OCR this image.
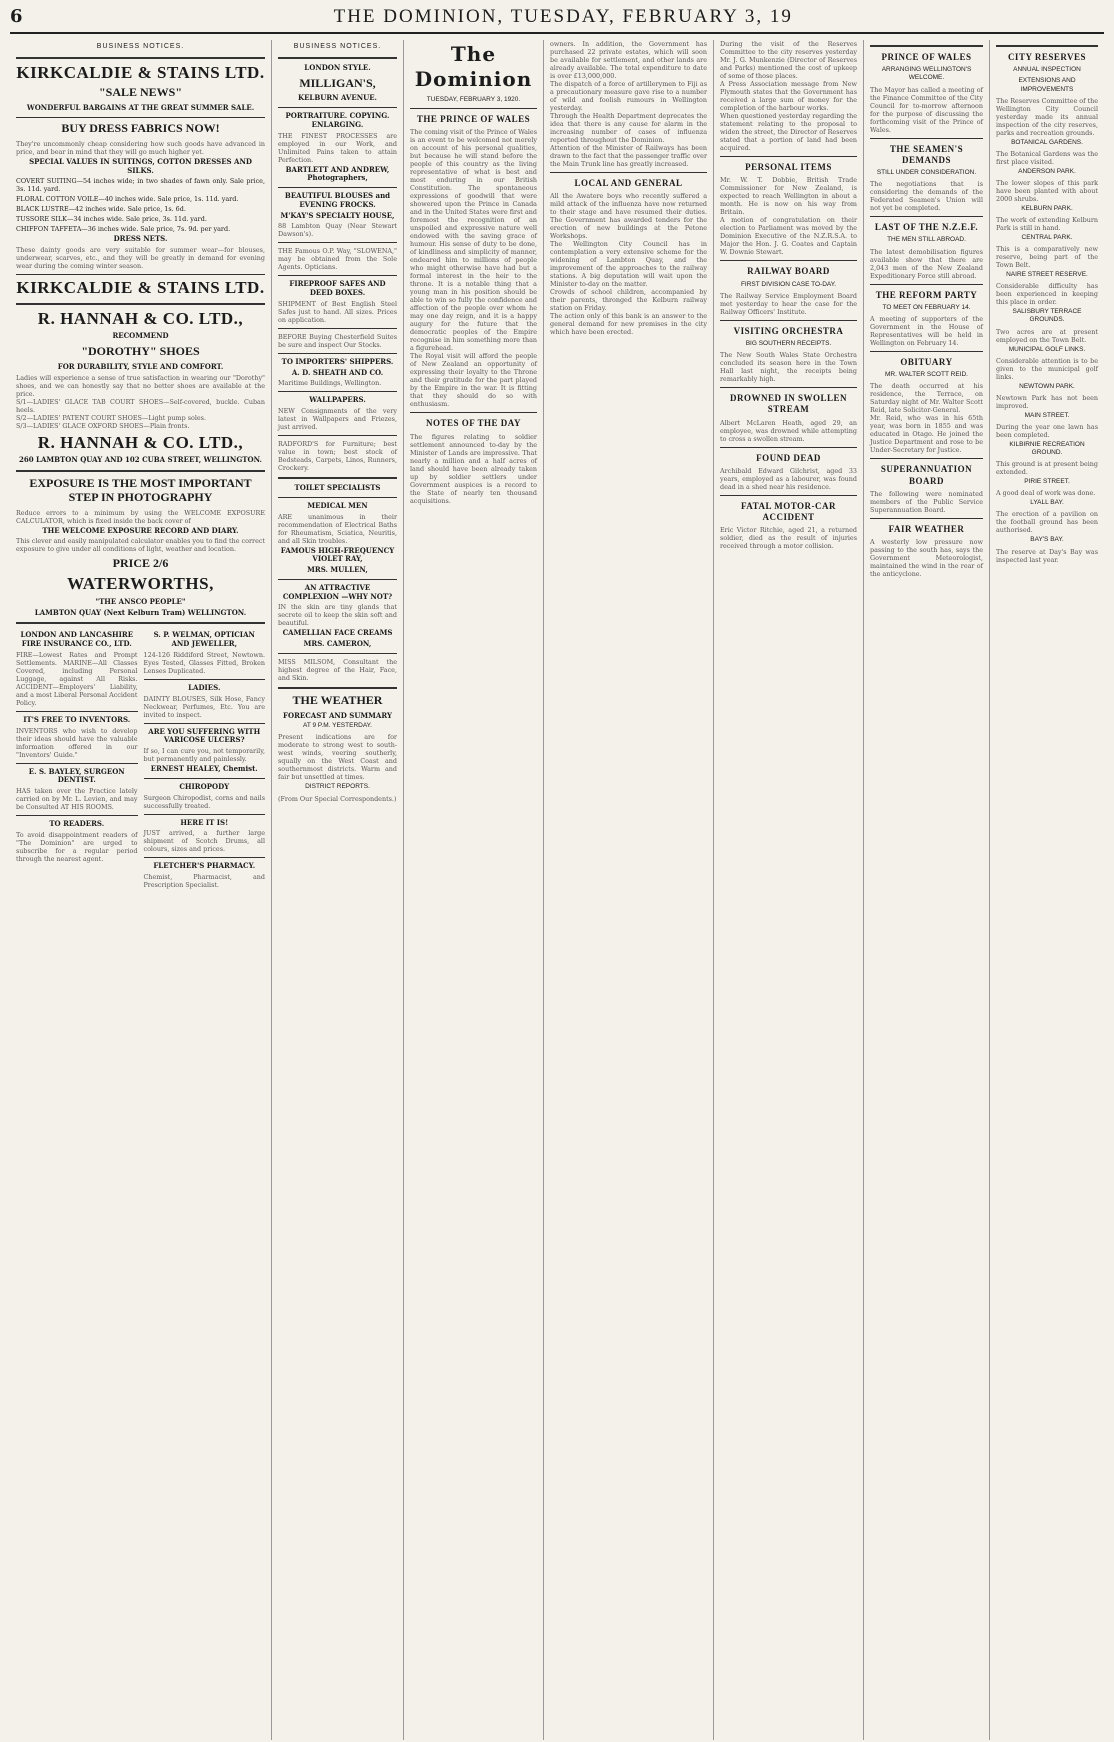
6	THE DOMINION, TUESDAY, FEBRUARY 3, 19
BUSINESS NOTICES.
KIRKCALDIE & STAINS LTD.
"SALE NEWS"
WONDERFUL BARGAINS AT THE GREAT SUMMER SALE.
BUY DRESS FABRICS NOW!
They're uncommonly cheap considering how such goods have advanced in price, and bear in mind that they will go much higher yet.
SPECIAL VALUES IN SUITINGS, COTTON DRESSES AND SILKS.

COVERT SUITING—54 inches wide; in two shades of fawn only. Sale price, 3s. 11d. yard.

FLORAL COTTON VOILE—40 inches wide. Sale price, 1s. 11d. yard.

BLACK LUSTRE—42 inches wide. Sale price, 1s. 6d.

TUSSORE SILK—34 inches wide. Sale price, 3s. 11d. yard.

CHIFFON TAFFETA—36 inches wide. Sale price, 7s. 9d. per yard.

DRESS NETS.
These dainty goods are very suitable for summer wear—for blouses, underwear, scarves, etc., and they will be greatly in demand for evening wear during the coming winter season.
KIRKCALDIE & STAINS LTD.
R. HANNAH & CO. LTD.,
RECOMMEND
"DOROTHY" SHOES
FOR DURABILITY, STYLE AND COMFORT.
Ladies will experience a sense of true satisfaction in wearing our "Dorothy" shoes, and we can honestly say that no better shoes are available at the price.
S/1—LADIES' GLACE TAB COURT SHOES—Self-covered, buckle. Cuban heels.
S/2—LADIES' PATENT COURT SHOES—Light pump soles.
S/3—LADIES' GLACE OXFORD SHOES—Plain fronts.
R. HANNAH & CO. LTD.,
260 LAMBTON QUAY AND 102 CUBA STREET, WELLINGTON.
EXPOSURE IS THE MOST IMPORTANT STEP IN PHOTOGRAPHY
Reduce errors to a minimum by using the WELCOME EXPOSURE CALCULATOR, which is fixed inside the back cover of
THE WELCOME EXPOSURE RECORD AND DIARY.
This clever and easily manipulated calculator enables you to find the correct exposure to give under all conditions of light, weather and location.
PRICE 2/6
WATERWORTHS,
"THE ANSCO PEOPLE"
LAMBTON QUAY (Next Kelburn Tram) WELLINGTON.
LONDON AND LANCASHIRE FIRE INSURANCE CO., LTD.
FIRE—Lowest Rates and Prompt Settlements. MARINE—All Classes Covered, including Personal Luggage, against All Risks. ACCIDENT—Employers' Liability, and a most Liberal Personal Accident Policy.
IT'S FREE TO INVENTORS.
INVENTORS who wish to develop their ideas should have the valuable information offered in our "Inventors' Guide."
E. S. BAYLEY, SURGEON DENTIST.
HAS taken over the Practice lately carried on by Mr. L. Levien, and may be Consulted AT HIS ROOMS.
TO READERS.
To avoid disappointment readers of "The Dominion" are urged to subscribe for a regular period through the nearest agent.
S. P. WELMAN, OPTICIAN AND JEWELLER,
124-126 Riddiford Street, Newtown. Eyes Tested, Glasses Fitted, Broken Lenses Duplicated.
LADIES.
DAINTY BLOUSES, Silk Hose, Fancy Neckwear, Perfumes, Etc. You are invited to inspect.
ARE YOU SUFFERING WITH VARICOSE ULCERS?
If so, I can cure you, not temporarily, but permanently and painlessly.
ERNEST HEALEY, Chemist.
CHIROPODY
Surgeon Chiropodist, corns and nails successfully treated.
HERE IT IS!
JUST arrived, a further large shipment of Scotch Drums, all colours, sizes and prices.
FLETCHER'S PHARMACY.
Chemist, Pharmacist, and Prescription Specialist.
BUSINESS NOTICES.
LONDON STYLE.
MILLIGAN'S,
KELBURN AVENUE.
PORTRAITURE. COPYING. ENLARGING.
THE FINEST PROCESSES are employed in our Work, and Unlimited Pains taken to attain Perfection.
BARTLETT AND ANDREW, Photographers,
BEAUTIFUL BLOUSES and EVENING FROCKS.
M'KAY'S SPECIALTY HOUSE,
88 Lambton Quay (Near Stewart Dawson's).
THE Famous O.P. Way, "SLOWENA," may be obtained from the Sole Agents. Opticians.
FIREPROOF SAFES AND DEED BOXES.
SHIPMENT of Best English Steel Safes just to hand. All sizes. Prices on application.
BEFORE Buying Chesterfield Suites be sure and inspect Our Stocks.
TO IMPORTERS' SHIPPERS.
A. D. SHEATH AND CO.
Maritime Buildings, Wellington.
WALLPAPERS.
NEW Consignments of the very latest in Wallpapers and Friezes, just arrived.
RADFORD'S for Furniture; best value in town; best stock of Bedsteads, Carpets, Linos, Runners, Crockery.
TOILET SPECIALISTS
MEDICAL MEN
ARE unanimous in their recommendation of Electrical Baths for Rheumatism, Sciatica, Neuritis, and all Skin troubles.
FAMOUS HIGH-FREQUENCY VIOLET RAY,
MRS. MULLEN,
AN ATTRACTIVE COMPLEXION —WHY NOT?
IN the skin are tiny glands that secrete oil to keep the skin soft and beautiful.
CAMELLIAN FACE CREAMS
MRS. CAMERON,
MISS MILSOM, Consultant the highest degree of the Hair, Face, and Skin.
THE WEATHER
FORECAST AND SUMMARY
AT 9 P.M. YESTERDAY.
Present indications are for moderate to strong west to south-west winds, veering southerly, squally on the West Coast and southernmost districts. Warm and fair but unsettled at times.
DISTRICT REPORTS.
(From Our Special Correspondents.)
The Dominion
TUESDAY, FEBRUARY 3, 1920.
THE PRINCE OF WALES
The coming visit of the Prince of Wales is an event to be welcomed not merely on account of his personal qualities, but because he will stand before the people of this country as the living representative of what is best and most enduring in our British Constitution. The spontaneous expressions of goodwill that were showered upon the Prince in Canada and in the United States were first and foremost the recognition of an unspoiled and expressive nature well endowed with the saving grace of humour. His sense of duty to be done, of kindliness and simplicity of manner, endeared him to millions of people who might otherwise have had but a formal interest in the heir to the throne. It is a notable thing that a young man in his position should be able to win so fully the confidence and affection of the people over whom he may one day reign, and it is a happy augury for the future that the democratic peoples of the Empire recognise in him something more than a figurehead.
The Royal visit will afford the people of New Zealand an opportunity of expressing their loyalty to the Throne and their gratitude for the part played by the Empire in the war. It is fitting that they should do so with enthusiasm.
NOTES OF THE DAY
The figures relating to soldier settlement announced to-day by the Minister of Lands are impressive. That nearly a million and a half acres of land should have been already taken up by soldier settlers under Government auspices is a record to the State of nearly ten thousand acquisitions.
owners. In addition, the Government has purchased 22 private estates, which will soon be available for settlement, and other lands are already available. The total expenditure to date is over £13,000,000.
The dispatch of a force of artillerymen to Fiji as a precautionary measure gave rise to a number of wild and foolish rumours in Wellington yesterday.
Through the Health Department deprecates the idea that there is any cause for alarm in the increasing number of cases of influenza reported throughout the Dominion.
Attention of the Minister of Railways has been drawn to the fact that the passenger traffic over the Main Trunk line has greatly increased.
LOCAL AND GENERAL
All the Awatere boys who recently suffered a mild attack of the influenza have now returned to their stage and have resumed their duties. The Government has awarded tenders for the erection of new buildings at the Petone Workshops.
The Wellington City Council has in contemplation a very extensive scheme for the widening of Lambton Quay, and the improvement of the approaches to the railway stations. A big deputation will wait upon the Minister to-day on the matter.
Crowds of school children, accompanied by their parents, thronged the Kelburn railway station on Friday.
The action only of this bank is an answer to the general demand for new premises in the city which have been erected.
During the visit of the Reserves Committee to the city reserves yesterday Mr. J. G. Munkenzie (Director of Reserves and Parks) mentioned the cost of upkeep of some of those places.
A Press Association message from New Plymouth states that the Government has received a large sum of money for the completion of the harbour works.
When questioned yesterday regarding the statement relating to the proposal to widen the street, the Director of Reserves stated that a portion of land had been acquired.
PERSONAL ITEMS
Mr. W. T. Dobbie, British Trade Commissioner for New Zealand, is expected to reach Wellington in about a month. He is now on his way from Britain.
A motion of congratulation on their election to Parliament was moved by the Dominion Executive of the N.Z.R.S.A. to Major the Hon. J. G. Coates and Captain W. Downie Stewart.
RAILWAY BOARD
FIRST DIVISION CASE TO-DAY.
The Railway Service Employment Board met yesterday to hear the case for the Railway Officers' Institute.
VISITING ORCHESTRA
BIG SOUTHERN RECEIPTS.
The New South Wales State Orchestra concluded its season here in the Town Hall last night, the receipts being remarkably high.
DROWNED IN SWOLLEN STREAM
Albert McLaren Heath, aged 29, an employee, was drowned while attempting to cross a swollen stream.
FOUND DEAD
Archibald Edward Gilchrist, aged 33 years, employed as a labourer, was found dead in a shed near his residence.
FATAL MOTOR-CAR ACCIDENT
Eric Victor Ritchie, aged 21, a returned soldier, died as the result of injuries received through a motor collision.
PRINCE OF WALES
ARRANGING WELLINGTON'S WELCOME.
The Mayor has called a meeting of the Finance Committee of the City Council for to-morrow afternoon for the purpose of discussing the forthcoming visit of the Prince of Wales.
THE SEAMEN'S DEMANDS
STILL UNDER CONSIDERATION.
The negotiations that is considering the demands of the Federated Seamen's Union will not yet be completed.
LAST OF THE N.Z.E.F.
THE MEN STILL ABROAD.
The latest demobilisation figures available show that there are 2,043 men of the New Zealand Expeditionary Force still abroad.
THE REFORM PARTY
TO MEET ON FEBRUARY 14.
A meeting of supporters of the Government in the House of Representatives will be held in Wellington on February 14.
OBITUARY
MR. WALTER SCOTT REID.
The death occurred at his residence, the Terrace, on Saturday night of Mr. Walter Scott Reid, late Solicitor-General.
Mr. Reid, who was in his 65th year, was born in 1855 and was educated in Otago. He joined the Justice Department and rose to be Under-Secretary for Justice.
SUPERANNUATION BOARD
The following were nominated members of the Public Service Superannuation Board.
FAIR WEATHER
A westerly low pressure now passing to the south has, says the Government Meteorologist, maintained the wind in the rear of the anticyclone.
CITY RESERVES
ANNUAL INSPECTION
EXTENSIONS AND IMPROVEMENTS
The Reserves Committee of the Wellington City Council yesterday made its annual inspection of the city reserves, parks and recreation grounds.
BOTANICAL GARDENS.
The Botanical Gardens was the first place visited.
ANDERSON PARK.
The lower slopes of this park have been planted with about 2000 shrubs.
KELBURN PARK.
The work of extending Kelburn Park is still in hand.
CENTRAL PARK.
This is a comparatively new reserve, being part of the Town Belt.
NAIRE STREET RESERVE.
Considerable difficulty has been experienced in keeping this place in order.
SALISBURY TERRACE GROUNDS.
Two acres are at present employed on the Town Belt.
MUNICIPAL GOLF LINKS.
Considerable attention is to be given to the municipal golf links.
NEWTOWN PARK.
Newtown Park has not been improved.
MAIN STREET.
During the year one lawn has been completed.
KILBIRNIE RECREATION GROUND.
This ground is at present being extended.
PIRIE STREET.
A good deal of work was done.
LYALL BAY.
The erection of a pavilion on the football ground has been authorised.
BAY'S BAY.
The reserve at Day's Bay was inspected last year.
